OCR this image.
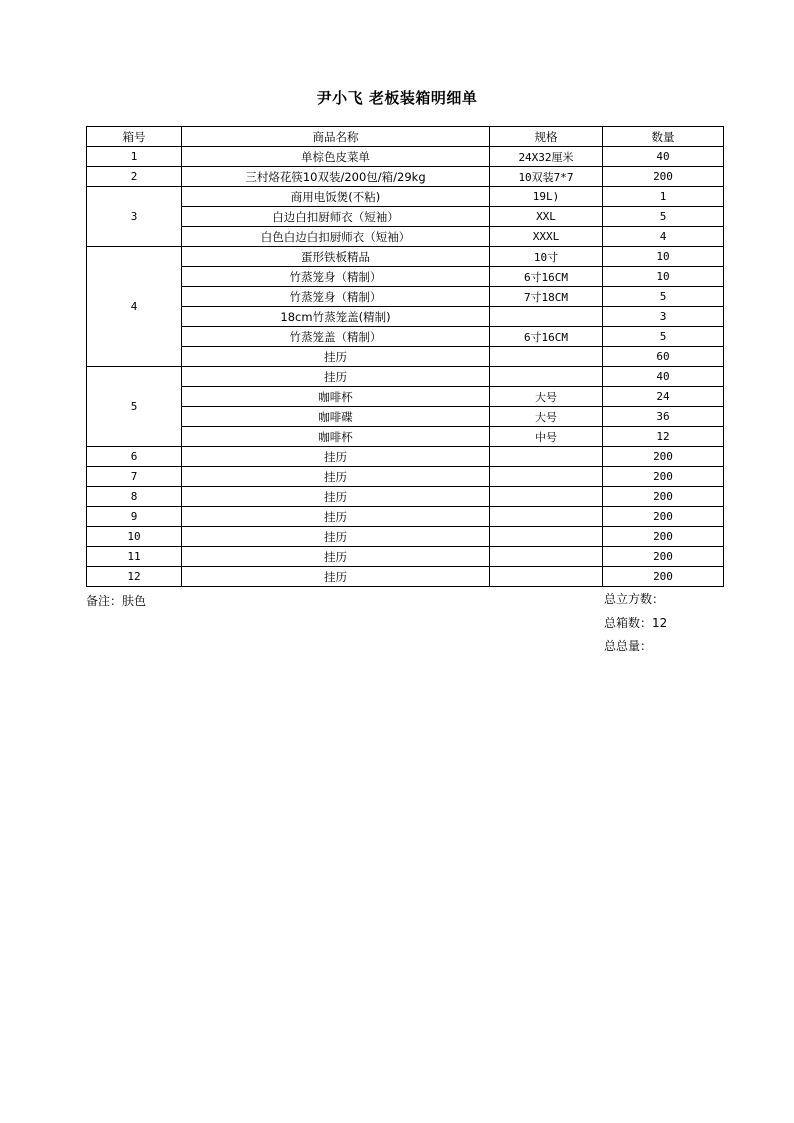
尹小飞 老板装箱明细单
箱号	商品名称	规格	数量
1	单棕色皮菜单	24X32厘米	40
2	三村烙花筷10双装/200包/箱/29kg	10双装7*7	200
3	商用电饭煲(不粘)	19L)	1
	白边白扣厨师衣（短袖）	XXL	5
	白色白边白扣厨师衣（短袖）	XXXL	4
4	蛋形铁板精品	10寸	10
	竹蒸笼身（精制）	6寸16CM	10
	竹蒸笼身（精制）	7寸18CM	5
	18cm竹蒸笼盖(精制)		3
	竹蒸笼盖（精制）	6寸16CM	5
	挂历		60
5	挂历		40
	咖啡杯	大号	24
	咖啡碟	大号	36
	咖啡杯	中号	12
6	挂历		200
7	挂历		200
8	挂历		200
9	挂历		200
10	挂历		200
11	挂历		200
12	挂历		200
备注：肤色	总立方数：
总箱数：12
总总量：
